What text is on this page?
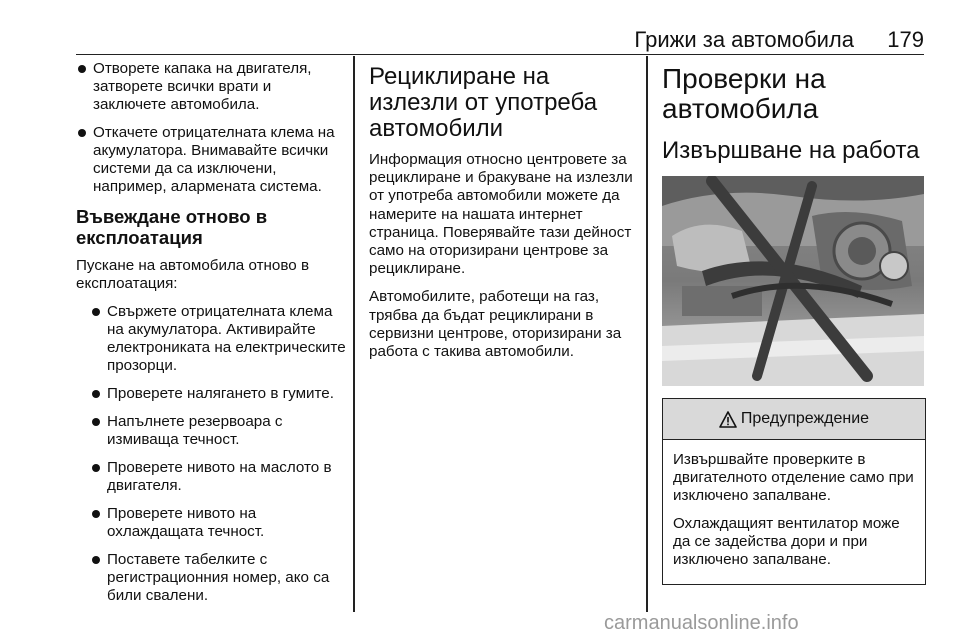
Грижи за автомобила 179
Отворете капака на двигателя, затворете всички врати и заключете автомобила.
Откачете отрицателната клема на акумулатора. Внимавайте всички системи да са изключени, например, алармената система.
Въвеждане отново в експлоатация

Пускане на автомобила отново в експлоатация:

Свържете отрицателната клема на акумулатора. Активирайте електрониката на електрическите прозорци.
Проверете налягането в гумите.
Напълнете резервоара с измиваща течност.
Проверете нивото на маслото в двигателя.
Проверете нивото на охлаждащата течност.
Поставете табелките с регистрационния номер, ако са били свалени.
Рециклиране на излезли от употреба автомобили

Информация относно центровете за рециклиране и бракуване на излезли от употреба автомобили можете да намерите на нашата интернет страница. Поверявайте тази дейност само на оторизирани центрове за рециклиране.

Автомобилите, работещи на газ, трябва да бъдат рециклирани в сервизни центрове, оторизирани за работа с такива автомобили.

Проверки на автомобила
Извършване на работа
Предупреждение

Извършвайте проверките в двигателното отделение само при изключено запалване.

Охлаждащият вентилатор може да се задейства дори и при изключено запалване.

carmanualsonline.info
